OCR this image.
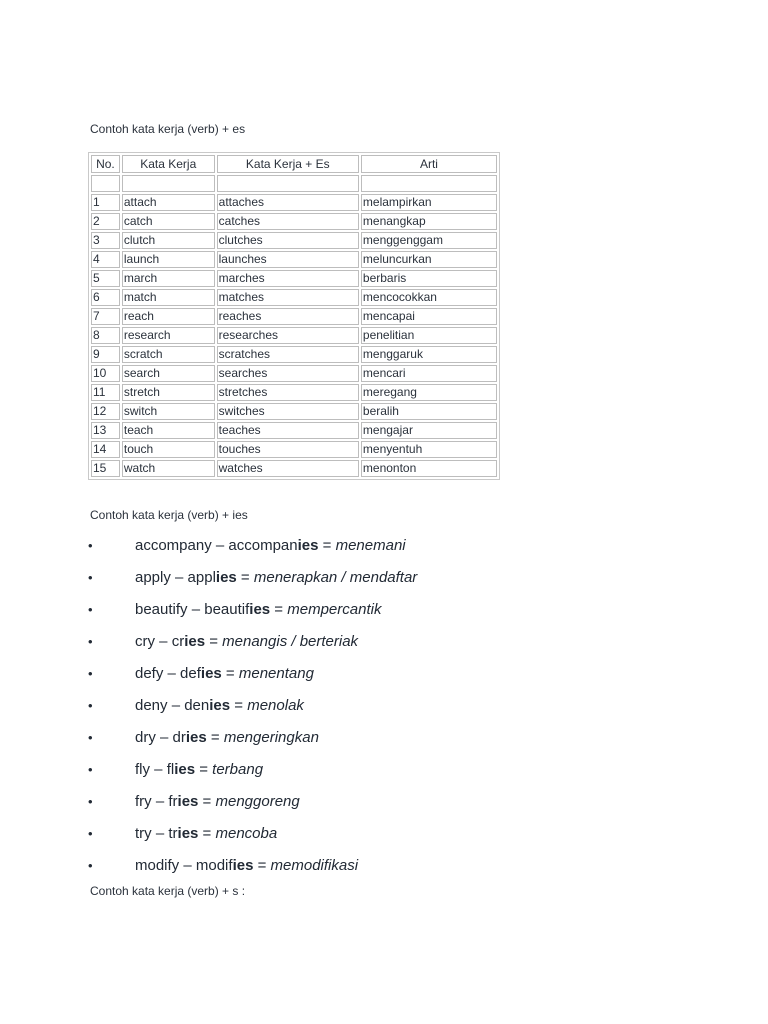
Contoh kata kerja (verb) + es
No.	Kata Kerja	Kata Kerja + Es	Arti

1	attach	attaches	melampirkan
2	catch	catches	menangkap
3	clutch	clutches	menggenggam
4	launch	launches	meluncurkan
5	march	marches	berbaris
6	match	matches	mencocokkan
7	reach	reaches	mencapai
8	research	researches	penelitian
9	scratch	scratches	menggaruk
10	search	searches	mencari
11	stretch	stretches	meregang
12	switch	switches	beralih
13	teach	teaches	mengajar
14	touch	touches	menyentuh
15	watch	watches	menonton
Contoh kata kerja (verb) + ies
•	accompany – accompanies = menemani
•	apply – applies = menerapkan / mendaftar
•	beautify – beautifies = mempercantik
•	cry – cries = menangis / berteriak
•	defy – defies = menentang
•	deny – denies = menolak
•	dry – dries = mengeringkan
•	fly – flies = terbang
•	fry – fries = menggoreng
•	try – tries = mencoba
•	modify – modifies = memodifikasi
Contoh kata kerja (verb) + s :
